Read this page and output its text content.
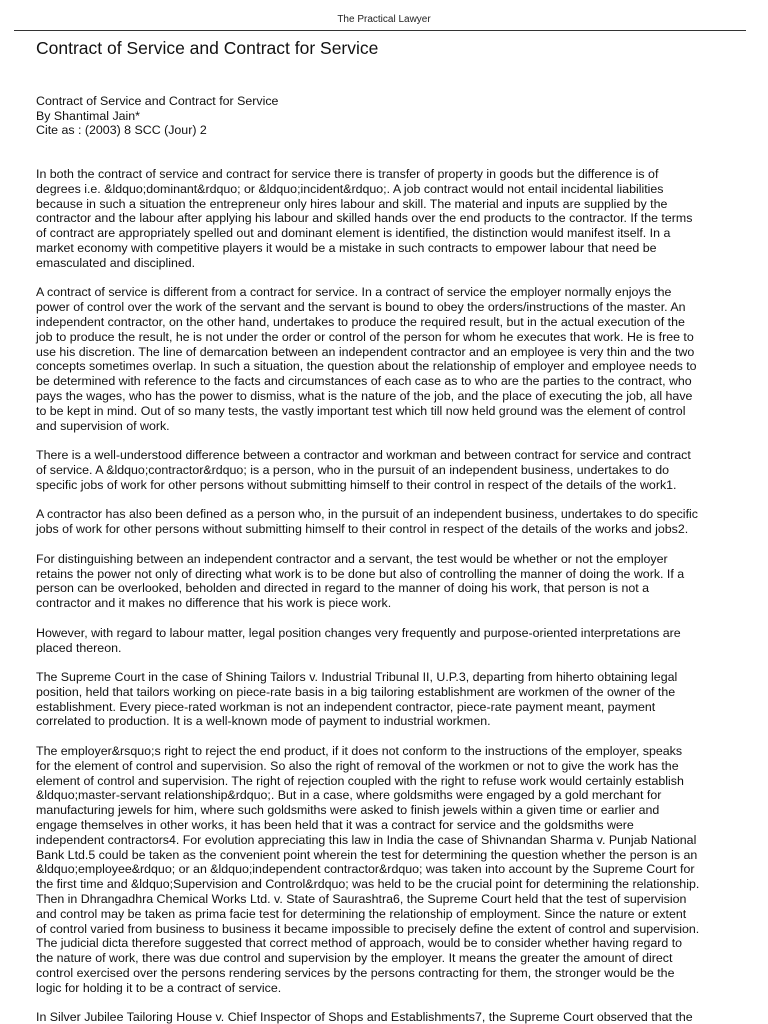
The Practical Lawyer
Contract of Service and Contract for Service
Contract of Service and Contract for Service
By Shantimal Jain*
Cite as : (2003) 8 SCC (Jour) 2

In both the contract of service and contract for service there is transfer of property in goods but the difference is of
degrees i.e. &ldquo;dominant&rdquo; or &ldquo;incident&rdquo;. A job contract would not entail incidental liabilities
because in such a situation the entrepreneur only hires labour and skill. The material and inputs are supplied by the
contractor and the labour after applying his labour and skilled hands over the end products to the contractor. If the terms
of contract are appropriately spelled out and dominant element is identified, the distinction would manifest itself. In a
market economy with competitive players it would be a mistake in such contracts to empower labour that need be
emasculated and disciplined.

A contract of service is different from a contract for service. In a contract of service the employer normally enjoys the
power of control over the work of the servant and the servant is bound to obey the orders/instructions of the master. An
independent contractor, on the other hand, undertakes to produce the required result, but in the actual execution of the
job to produce the result, he is not under the order or control of the person for whom he executes that work. He is free to
use his discretion. The line of demarcation between an independent contractor and an employee is very thin and the two
concepts sometimes overlap. In such a situation, the question about the relationship of employer and employee needs to
be determined with reference to the facts and circumstances of each case as to who are the parties to the contract, who
pays the wages, who has the power to dismiss, what is the nature of the job, and the place of executing the job, all have
to be kept in mind. Out of so many tests, the vastly important test which till now held ground was the element of control
and supervision of work.

There is a well-understood difference between a contractor and workman and between contract for service and contract
of service. A &ldquo;contractor&rdquo; is a person, who in the pursuit of an independent business, undertakes to do
specific jobs of work for other persons without submitting himself to their control in respect of the details of the work1.

A contractor has also been defined as a person who, in the pursuit of an independent business, undertakes to do specific
jobs of work for other persons without submitting himself to their control in respect of the details of the works and jobs2.

For distinguishing between an independent contractor and a servant, the test would be whether or not the employer
retains the power not only of directing what work is to be done but also of controlling the manner of doing the work. If a
person can be overlooked, beholden and directed in regard to the manner of doing his work, that person is not a
contractor and it makes no difference that his work is piece work.

However, with regard to labour matter, legal position changes very frequently and purpose-oriented interpretations are
placed thereon.

The Supreme Court in the case of Shining Tailors v. Industrial Tribunal II, U.P.3, departing from hiherto obtaining legal
position, held that tailors working on piece-rate basis in a big tailoring establishment are workmen of the owner of the
establishment. Every piece-rated workman is not an independent contractor, piece-rate payment meant, payment
correlated to production. It is a well-known mode of payment to industrial workmen.

The employer&rsquo;s right to reject the end product, if it does not conform to the instructions of the employer, speaks
for the element of control and supervision. So also the right of removal of the workmen or not to give the work has the
element of control and supervision. The right of rejection coupled with the right to refuse work would certainly establish
&ldquo;master-servant relationship&rdquo;. But in a case, where goldsmiths were engaged by a gold merchant for
manufacturing jewels for him, where such goldsmiths were asked to finish jewels within a given time or earlier and
engage themselves in other works, it has been held that it was a contract for service and the goldsmiths were
independent contractors4. For evolution appreciating this law in India the case of Shivnandan Sharma v. Punjab National
Bank Ltd.5 could be taken as the convenient point wherein the test for determining the question whether the person is an
&ldquo;employee&rdquo; or an &ldquo;independent contractor&rdquo; was taken into account by the Supreme Court for
the first time and &ldquo;Supervision and Control&rdquo; was held to be the crucial point for determining the relationship.
Then in Dhrangadhra Chemical Works Ltd. v. State of Saurashtra6, the Supreme Court held that the test of supervision
and control may be taken as prima facie test for determining the relationship of employment. Since the nature or extent
of control varied from business to business it became impossible to precisely define the extent of control and supervision.
The judicial dicta therefore suggested that correct method of approach, would be to consider whether having regard to
the nature of work, there was due control and supervision by the employer. It means the greater the amount of direct
control exercised over the persons rendering services by the persons contracting for them, the stronger would be the
logic for holding it to be a contract of service.

In Silver Jubilee Tailoring House v. Chief Inspector of Shops and Establishments7, the Supreme Court observed that the
